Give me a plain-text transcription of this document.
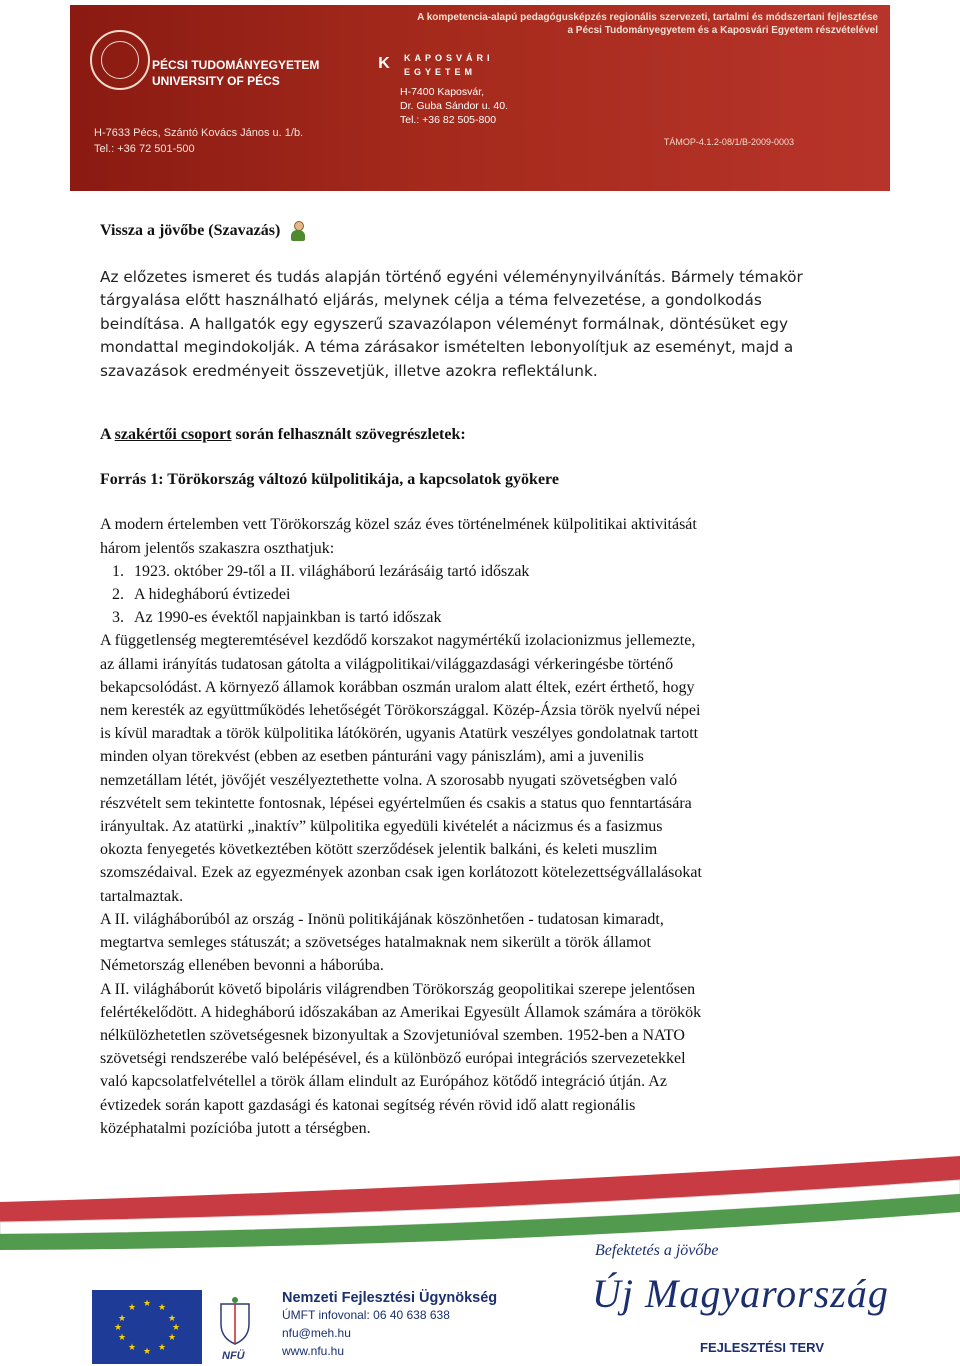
A kompetencia-alapú pedagógusképzés regionális szervezeti, tartalmi és módszertani fejlesztése
a Pécsi Tudományegyetem és a Kaposvári Egyetem részvételével
PÉCSI TUDOMÁNYEGYETEM
UNIVERSITY OF PÉCS
H-7633 Pécs, Szántó Kovács János u. 1/b.
Tel.: +36 72 501-500
K	KAPOSVÁRI
EGYETEM
H-7400 Kaposvár,
Dr. Guba Sándor u. 40.
Tel.: +36 82 505-800
TÁMOP-4.1.2-08/1/B-2009-0003
Vissza a jövőbe (Szavazás)
Az előzetes ismeret és tudás alapján történő egyéni véleménynyilvánítás. Bármely témakör
tárgyalása előtt használható eljárás, melynek célja a téma felvezetése, a gondolkodás
beindítása. A hallgatók egy egyszerű szavazólapon véleményt formálnak, döntésüket egy
mondattal megindokolják. A téma zárásakor ismételten lebonyolítjuk az eseményt, majd a
szavazások eredményeit összevetjük, illetve azokra reflektálunk.
A szakértői csoport során felhasznált szövegrészletek:
Forrás 1: Törökország változó külpolitikája, a kapcsolatok gyökere
A modern értelemben vett Törökország közel száz éves történelmének külpolitikai aktivitását
három jelentős szakaszra oszthatjuk:
1. 1923. október 29-től a II. világháború lezárásáig tartó időszak
2. A hidegháború évtizedei
3. Az 1990-es évektől napjainkban is tartó időszak
A függetlenség megteremtésével kezdődő korszakot nagymértékű izolacionizmus jellemezte,
az állami irányítás tudatosan gátolta a világpolitikai/világgazdasági vérkeringésbe történő
bekapcsolódást. A környező államok korábban oszmán uralom alatt éltek, ezért érthető, hogy
nem keresték az együttműködés lehetőségét Törökországgal. Közép-Ázsia török nyelvű népei
is kívül maradtak a török külpolitika látókörén, ugyanis Atatürk veszélyes gondolatnak tartott
minden olyan törekvést (ebben az esetben pánturáni vagy pániszlám), ami a juvenilis
nemzetállam létét, jövőjét veszélyeztethette volna. A szorosabb nyugati szövetségben való
részvételt sem tekintette fontosnak, lépései egyértelműen és csakis a status quo fenntartására
irányultak. Az atatürki „inaktív” külpolitika egyedüli kivételét a nácizmus és a fasizmus
okozta fenyegetés következtében kötött szerződések jelentik balkáni, és keleti muszlim
szomszédaival. Ezek az egyezmények azonban csak igen korlátozott kötelezettségvállalásokat
tartalmaztak.
A II. világháborúból az ország - Inönü politikájának köszönhetően - tudatosan kimaradt,
megtartva semleges státuszát; a szövetséges hatalmaknak nem sikerült a török államot
Németország ellenében bevonni a háborúba.
A II. világháborút követő bipoláris világrendben Törökország geopolitikai szerepe jelentősen
felértékelődött. A hidegháború időszakában az Amerikai Egyesült Államok számára a törökök
nélkülözhetetlen szövetségesnek bizonyultak a Szovjetunióval szemben. 1952-ben a NATO
szövetségi rendszerébe való belépésével, és a különböző európai integrációs szervezetekkel
való kapcsolatfelvétellel a török állam elindult az Európához kötődő integráció útján. Az
évtizedek során kapott gazdasági és katonai segítség révén rövid idő alatt regionális
középhatalmi pozícióba jutott a térségben.
★ ★
★
★
★
★
★
★
★
★
★
★
NFÜ
Nemzeti Fejlesztési Ügynökség
ÚMFT infovonal: 06 40 638 638
nfu@meh.hu
www.nfu.hu
Befektetés a jövőbe
Új Magyarország
FEJLESZTÉSI TERV
